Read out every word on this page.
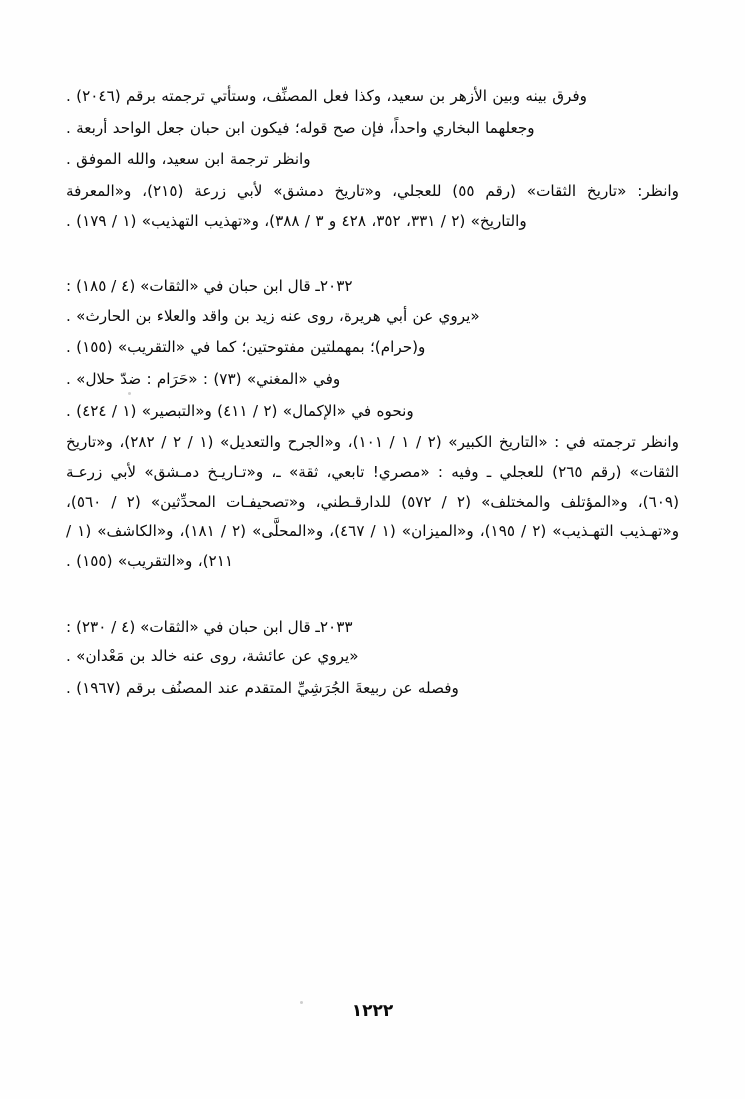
وفرق بينه وبين الأزهر بن سعيد، وكذا فعل المصنِّف، وستأتي ترجمته برقم (٢٠٤٦) .

وجعلهما البخاري واحداً، فإن صح قوله؛ فيكون ابن حبان جعل الواحد أربعة .

وانظر ترجمة ابن سعيد، والله الموفق .

وانظر: «تاريخ الثقات» (رقم ٥٥) للعجلي، و«تاريخ دمشق» لأبي زرعة (٢١٥)، و«المعرفة والتاريخ» (٢ / ٣٣١، ٣٥٢، ٤٢٨ و ٣ / ٣٨٨)، و«تهذيب التهذيب» (١ / ١٧٩) .

٢٠٣٢ـ قال ابن حبان في «الثقات» (٤ / ١٨٥) :

«يروي عن أبي هريرة، روى عنه زيد بن واقد والعلاء بن الحارث» .

و(حرام)؛ بمهملتين مفتوحتين؛ كما في «التقريب» (١٥٥) .

وفي «المغني» (٧٣) : «حَرَام : ضدّ حلال» .

ونحوه في «الإكمال» (٢ / ٤١١) و«التبصير» (١ / ٤٢٤) .

وانظر ترجمته في : «التاريخ الكبير» (٢ / ١ / ١٠١)، و«الجرح والتعديل» (١ / ٢ / ٢٨٢)، و«تاريخ الثقات» (رقم ٢٦٥) للعجلي ـ وفيه : «مصري! تابعي، ثقة» ـ، و«تـاريـخ دمـشق» لأبي زرعـة (٦٠٩)، و«المؤتلف والمختلف» (٢ / ٥٧٢) للدارقـطني، و«تصحيفـات المحدِّثين» (٢ / ٥٦٠)، و«تهـذيب التهـذيب» (٢ / ١٩٥)، و«الميزان» (١ / ٤٦٧)، و«المحلَّى» (٢ / ١٨١)، و«الكاشف» (١ / ٢١١)، و«التقريب» (١٥٥) .

٢٠٣٣ـ قال ابن حبان في «الثقات» (٤ / ٢٣٠) :

«يروي عن عائشة، روى عنه خالد بن مَعْدان» .

وفصله عن ربيعةَ الجُرَشِيِّ المتقدم عند المصنُف برقم (١٩٦٧) .

١٢٢٢
